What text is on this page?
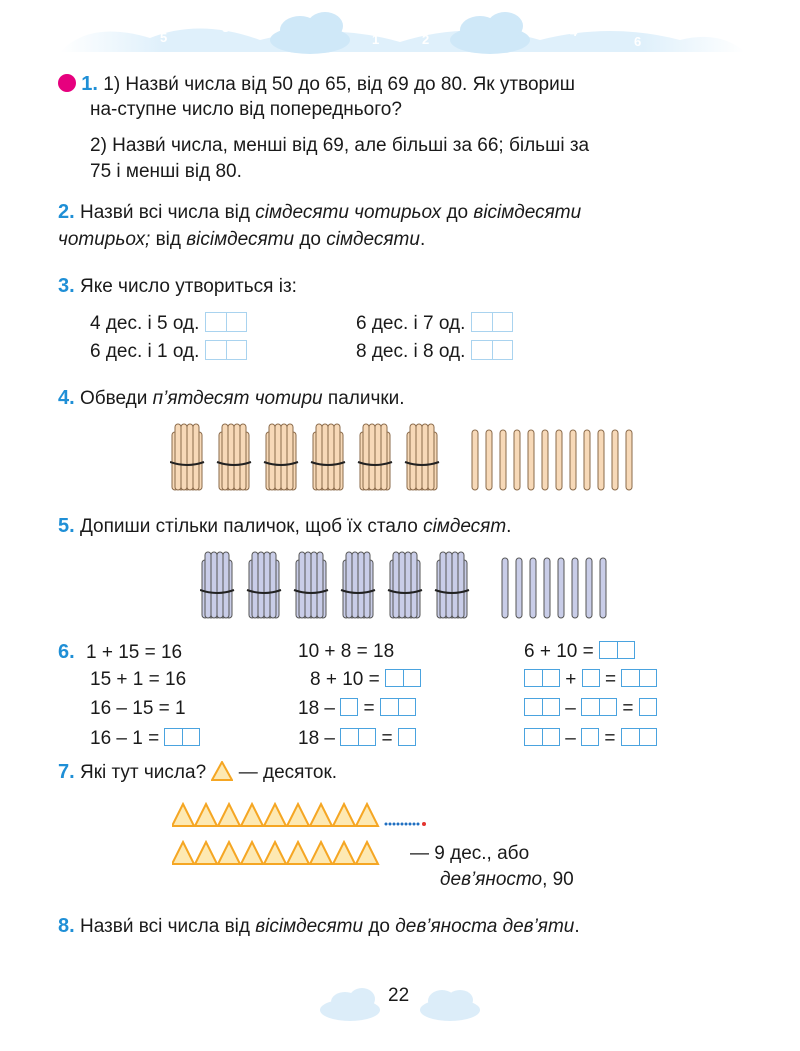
7
5
3
1
0
2
4
6
8
1. 1) Назви́ числа від 50 до 65, від 69 до 80. Як утвориш
на-ступне число від попереднього?
2) Назви́ числа, менші від 69, але більші за 66; більші за
75 і менші від 80.
2. Назви́ всі числа від сімдесяти чотирьох до вісімдесяти
чотирьох; від вісімдесяти до сімдесяти.
3. Яке число утвориться із:
4 дес. і 5 од.	6 дес. і 7 од.
6 дес. і 1 од.	8 дес. і 8 од.
4. Обведи п’ятдесят чотири палички.
5. Допиши стільки паличок, щоб їх стало сімдесят.
6. 1 + 15 = 16	10 + 8 = 18	6 + 10 =
15 + 1 = 16	8 + 10 =	+ =
16 – 15 = 1	18 – =	– =
16 – 1 =	18 – =	– =
7. Які тут числа? — десяток.
— 9 дес., або
дев’яносто, 90
8. Назви́ всі числа від вісімдесяти до дев’яноста дев’яти.
22
